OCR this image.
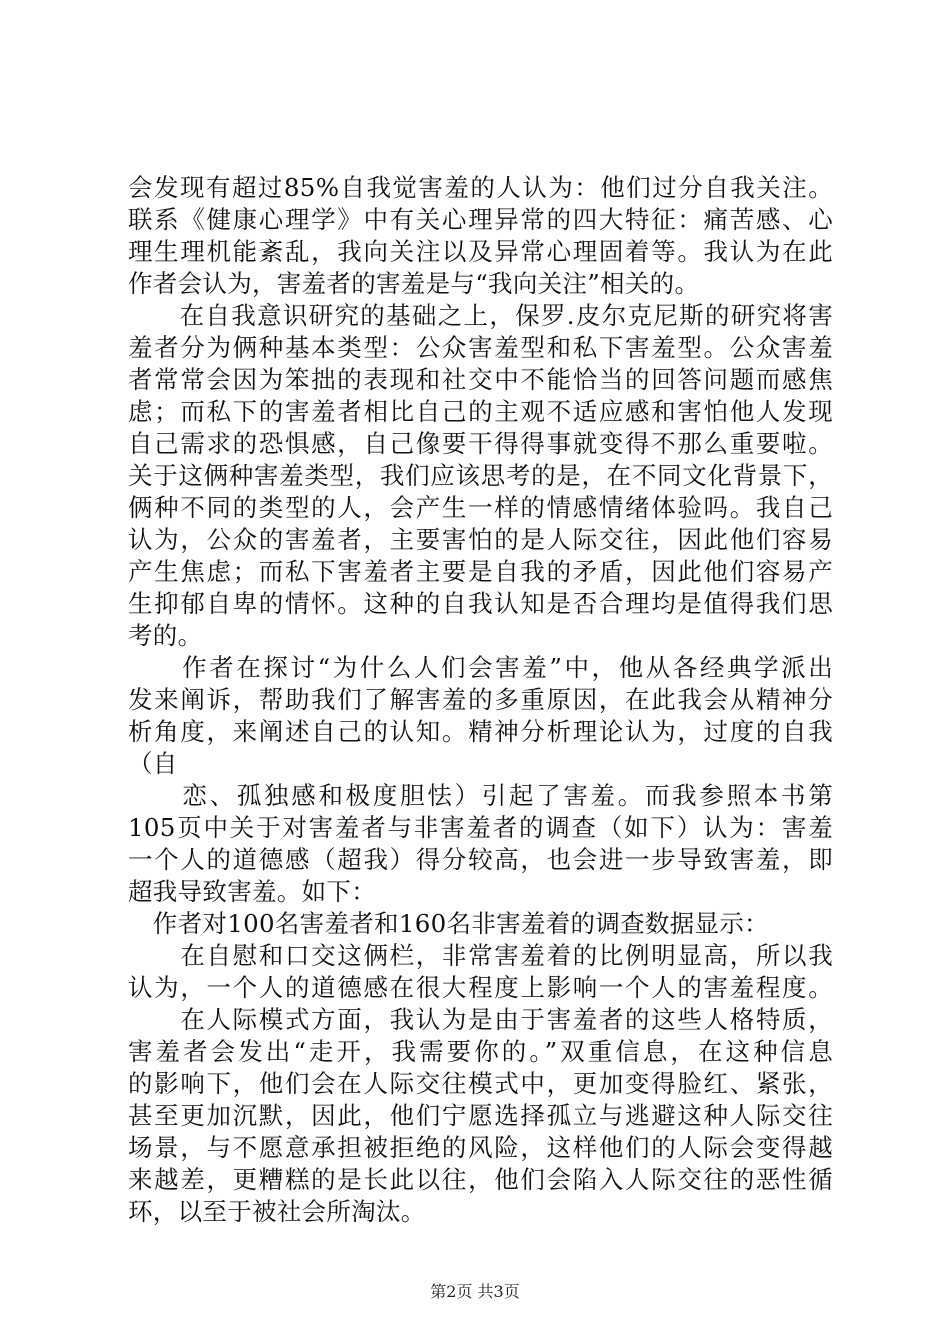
会发现有超过85%自我觉害羞的人认为：他们过分自我关注。
联系《健康心理学》中有关心理异常的四大特征：痛苦感、心
理生理机能紊乱，我向关注以及异常心理固着等。我认为在此
作者会认为，害羞者的害羞是与“我向关注”相关的。
　　在自我意识研究的基础之上，保罗.皮尔克尼斯的研究将害
羞者分为俩种基本类型：公众害羞型和私下害羞型。公众害羞
者常常会因为笨拙的表现和社交中不能恰当的回答问题而感焦
虑；而私下的害羞者相比自己的主观不适应感和害怕他人发现
自己需求的恐惧感，自己像要干得得事就变得不那么重要啦。
关于这俩种害羞类型，我们应该思考的是，在不同文化背景下，
俩种不同的类型的人，会产生一样的情感情绪体验吗。我自己
认为，公众的害羞者，主要害怕的是人际交往，因此他们容易
产生焦虑；而私下害羞者主要是自我的矛盾，因此他们容易产
生抑郁自卑的情怀。这种的自我认知是否合理均是值得我们思
考的。
　　作者在探讨“为什么人们会害羞”中，他从各经典学派出
发来阐诉，帮助我们了解害羞的多重原因，在此我会从精神分
析角度，来阐述自己的认知。精神分析理论认为，过度的自我
（自
　　恋、孤独感和极度胆怯）引起了害羞。而我参照本书第
105页中关于对害羞者与非害羞者的调查（如下）认为：害羞
一个人的道德感（超我）得分较高，也会进一步导致害羞，即
超我导致害羞。如下：
　作者对100名害羞者和160名非害羞着的调查数据显示：
　　在自慰和口交这俩栏，非常害羞着的比例明显高，所以我
认为，一个人的道德感在很大程度上影响一个人的害羞程度。
　　在人际模式方面，我认为是由于害羞者的这些人格特质，
害羞者会发出“走开，我需要你的。”双重信息，在这种信息
的影响下，他们会在人际交往模式中，更加变得脸红、紧张，
甚至更加沉默，因此，他们宁愿选择孤立与逃避这种人际交往
场景，与不愿意承担被拒绝的风险，这样他们的人际会变得越
来越差，更糟糕的是长此以往，他们会陷入人际交往的恶性循
环，以至于被社会所淘汰。
第2页 共3页
